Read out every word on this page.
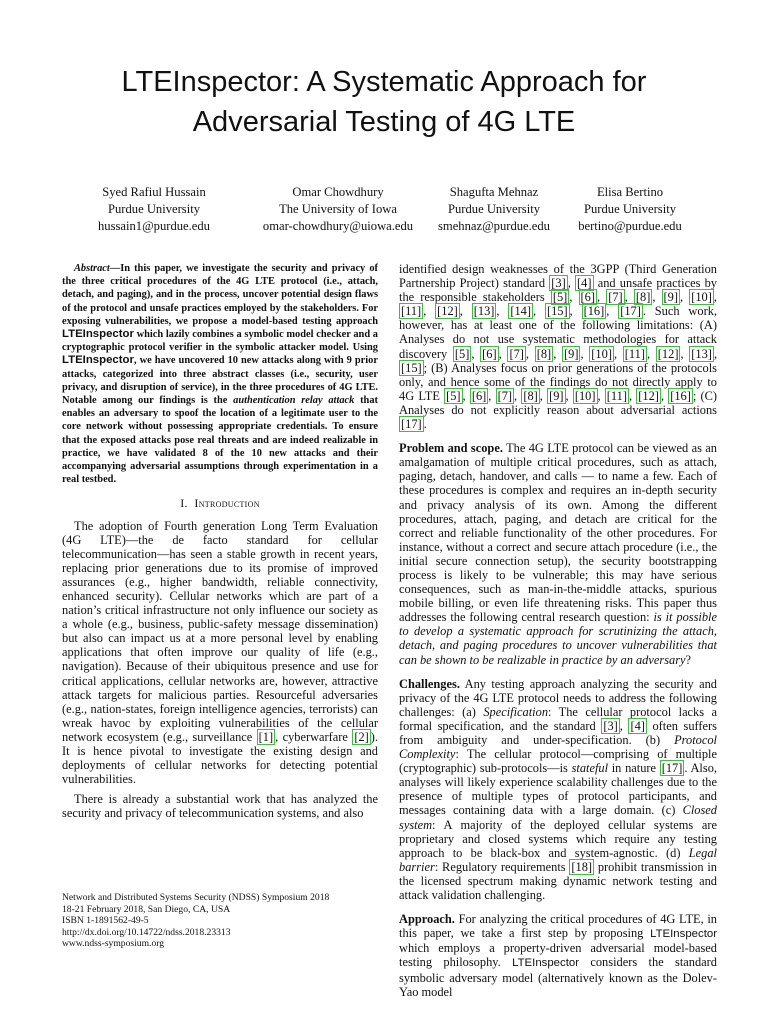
LTEInspector: A Systematic Approach for
Adversarial Testing of 4G LTE
Syed Rafiul Hussain
Purdue University
hussain1@purdue.edu
Omar Chowdhury
The University of Iowa
omar-chowdhury@uiowa.edu
Shagufta Mehnaz
Purdue University
smehnaz@purdue.edu
Elisa Bertino
Purdue University
bertino@purdue.edu

Abstract—In this paper, we investigate the security and privacy of the three critical procedures of the 4G LTE protocol (i.e., attach, detach, and paging), and in the process, uncover potential design flaws of the protocol and unsafe practices employed by the stakeholders. For exposing vulnerabilities, we propose a model-based testing approach LTEInspector which lazily combines a symbolic model checker and a cryptographic protocol verifier in the symbolic attacker model. Using LTEInspector, we have uncovered 10 new attacks along with 9 prior attacks, categorized into three abstract classes (i.e., security, user privacy, and disruption of service), in the three procedures of 4G LTE. Notable among our findings is the authentication relay attack that enables an adversary to spoof the location of a legitimate user to the core network without possessing appropriate credentials. To ensure that the exposed attacks pose real threats and are indeed realizable in practice, we have validated 8 of the 10 new attacks and their accompanying adversarial assumptions through experimentation in a real testbed.

I. Introduction

The adoption of Fourth generation Long Term Evaluation (4G LTE)—the de facto standard for cellular telecommunication—has seen a stable growth in recent years, replacing prior generations due to its promise of improved assurances (e.g., higher bandwidth, reliable connectivity, enhanced security). Cellular networks which are part of a nation’s critical infrastructure not only influence our society as a whole (e.g., business, public-safety message dissemination) but also can impact us at a more personal level by enabling applications that often improve our quality of life (e.g., navigation). Because of their ubiquitous presence and use for critical applications, cellular networks are, however, attractive attack targets for malicious parties. Resourceful adversaries (e.g., nation-states, foreign intelligence agencies, terrorists) can wreak havoc by exploiting vulnerabilities of the cellular network ecosystem (e.g., surveillance [1] , cyberwarfare [2] ). It is hence pivotal to investigate the existing design and deployments of cellular networks for detecting potential vulnerabilities.

There is already a substantial work that has analyzed the security and privacy of telecommunication systems, and also

identified design weaknesses of the 3GPP (Third Generation Partnership Project) standard [3] , [4] and unsafe practices by the responsible stakeholders [5] , [6] , [7] , [8] , [9] , [10] , [11] , [12] , [13] , [14] , [15] , [16] , [17] . Such work, however, has at least one of the following limitations: (A) Analyses do not use systematic methodologies for attack discovery [5] , [6] , [7] , [8] , [9] , [10] , [11] , [12] , [13] , [15] ; (B) Analyses focus on prior generations of the protocols only, and hence some of the findings do not directly apply to 4G LTE [5] , [6] , [7] , [8] , [9] , [10] , [11] , [12] , [16] ; (C) Analyses do not explicitly reason about adversarial actions [17] .

Problem and scope. The 4G LTE protocol can be viewed as an amalgamation of multiple critical procedures, such as attach, paging, detach, handover, and calls — to name a few. Each of these procedures is complex and requires an in-depth security and privacy analysis of its own. Among the different procedures, attach, paging, and detach are critical for the correct and reliable functionality of the other procedures. For instance, without a correct and secure attach procedure (i.e., the initial secure connection setup), the security bootstrapping process is likely to be vulnerable; this may have serious consequences, such as man-in-the-middle attacks, spurious mobile billing, or even life threatening risks. This paper thus addresses the following central research question: is it possible to develop a systematic approach for scrutinizing the attach, detach, and paging procedures to uncover vulnerabilities that can be shown to be realizable in practice by an adversary?

Challenges. Any testing approach analyzing the security and privacy of the 4G LTE protocol needs to address the following challenges: (a) Specification: The cellular protocol lacks a formal specification, and the standard [3] , [4] often suffers from ambiguity and under-specification. (b) Protocol Complexity: The cellular protocol—comprising of multiple (cryptographic) sub-protocols—is stateful in nature [17] . Also, analyses will likely experience scalability challenges due to the presence of multiple types of protocol participants, and messages containing data with a large domain. (c) Closed system: A majority of the deployed cellular systems are proprietary and closed systems which require any testing approach to be black-box and system-agnostic. (d) Legal barrier: Regulatory requirements [18] prohibit transmission in the licensed spectrum making dynamic network testing and attack validation challenging.

Approach. For analyzing the critical procedures of 4G LTE, in this paper, we take a first step by proposing LTEInspector which employs a property-driven adversarial model-based testing philosophy. LTEInspector considers the standard symbolic adversary model (alternatively known as the Dolev-Yao model

Network and Distributed Systems Security (NDSS) Symposium 2018
18-21 February 2018, San Diego, CA, USA
ISBN 1-1891562-49-5
http://dx.doi.org/10.14722/ndss.2018.23313
www.ndss-symposium.org
